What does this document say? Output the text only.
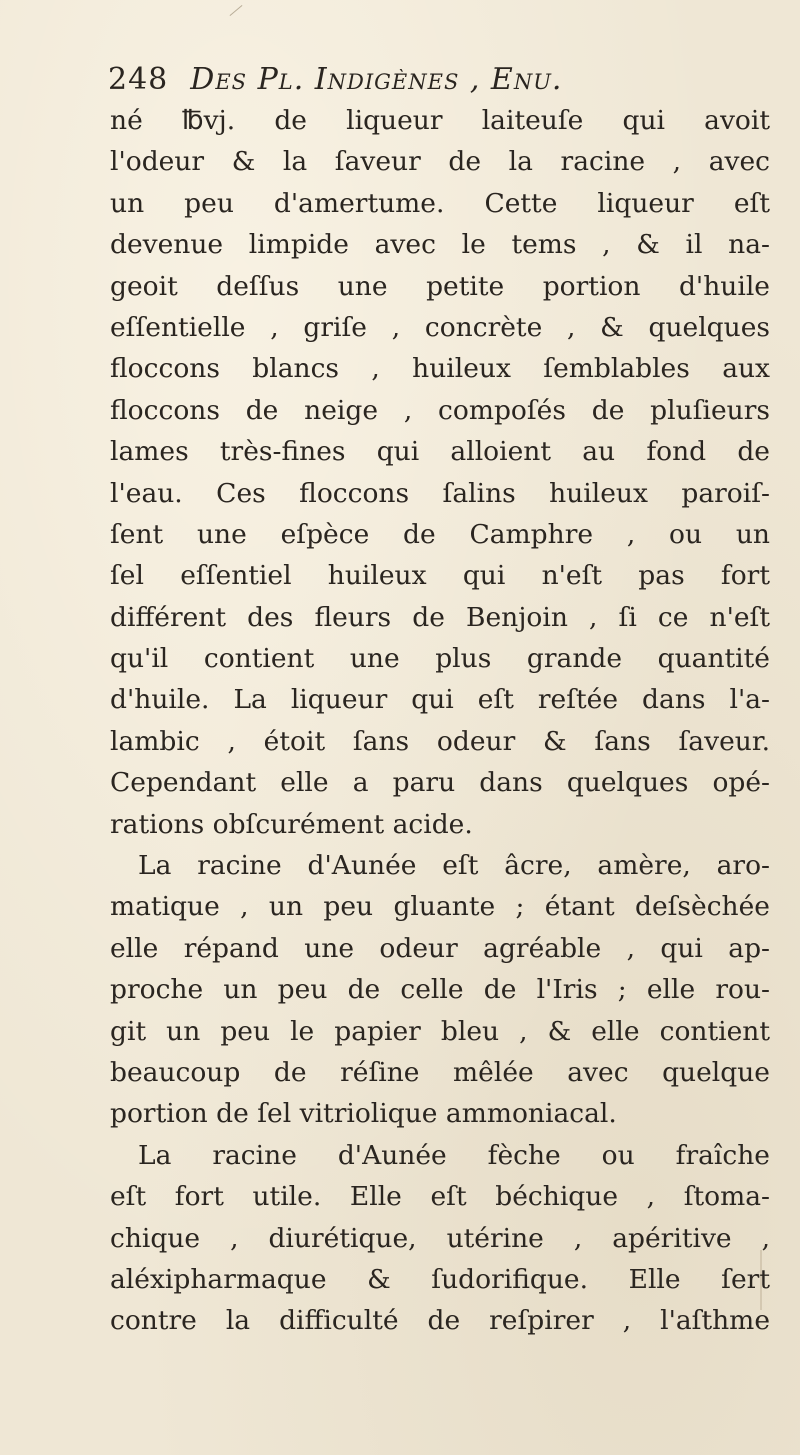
248 Des Pl. Indigènes , Enu.
né ℔vj. de liqueur laiteuſe qui avoit
l'odeur & la ſaveur de la racine , avec
un peu d'amertume. Cette liqueur eſt
devenue limpide avec le tems , & il na-
geoit deſſus une petite portion d'huile
eſſentielle , griſe , concrète , & quelques
floccons blancs , huileux ſemblables aux
floccons de neige , compoſés de pluſieurs
lames très-fines qui alloient au fond de
l'eau. Ces floccons ſalins huileux paroiſ-
ſent une eſpèce de Camphre , ou un
ſel eſſentiel huileux qui n'eſt pas fort
différent des fleurs de Benjoin , ſi ce n'eſt
qu'il contient une plus grande quantité
d'huile. La liqueur qui eſt reſtée dans l'a-
lambic , étoit ſans odeur & ſans ſaveur.
Cependant elle a paru dans quelques opé-
rations obſcurément acide.
La racine d'Aunée eſt âcre, amère, aro-
matique , un peu gluante ; étant deſsèchée
elle répand une odeur agréable , qui ap-
proche un peu de celle de l'Iris ; elle rou-
git un peu le papier bleu , & elle contient
beaucoup de réſine mêlée avec quelque
portion de ſel vitriolique ammoniacal.
La racine d'Aunée fèche ou fraîche
eſt fort utile. Elle eſt béchique , ſtoma-
chique , diurétique, utérine , apéritive ,
aléxipharmaque & ſudorifique. Elle ſert
contre la difficulté de reſpirer , l'aſthme
